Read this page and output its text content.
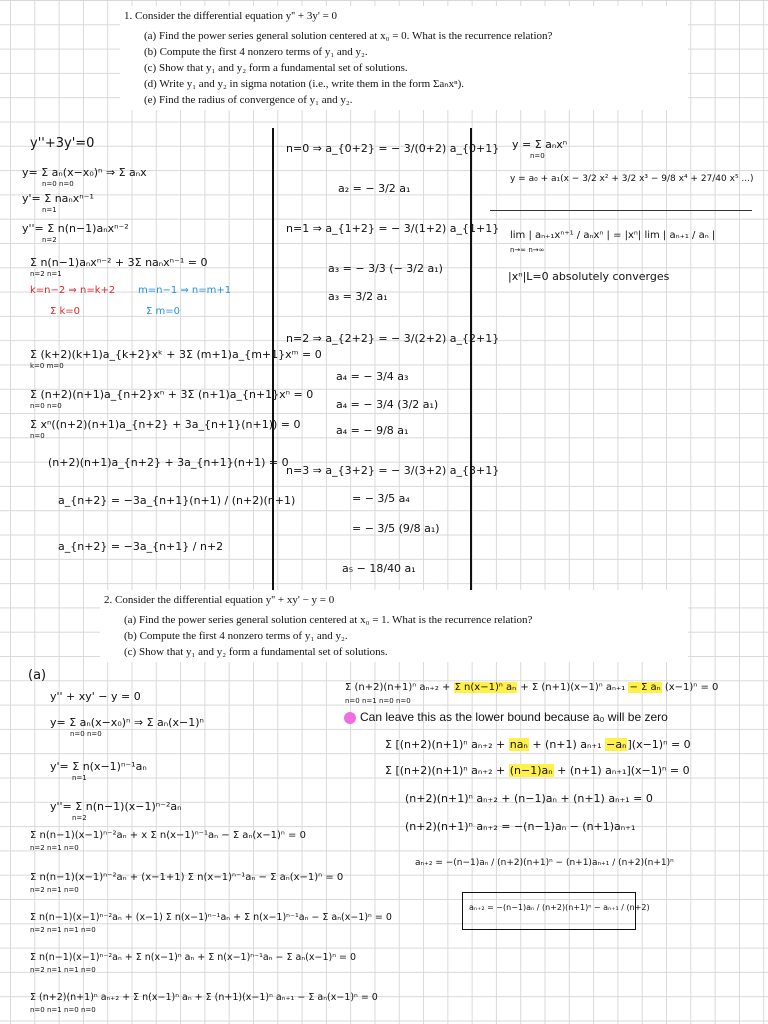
1. Consider the differential equation y'' + 3y' = 0
(a) Find the power series general solution centered at x₀ = 0. What is the recurrence relation?
(b) Compute the first 4 nonzero terms of y₁ and y₂.
(c) Show that y₁ and y₂ form a fundamental set of solutions.
(d) Write y₁ and y₂ in sigma notation (i.e., write them in the form Σaₙxⁿ).
(e) Find the radius of convergence of y₁ and y₂.
y''+3y'=0
y= Σ aₙ(x−x₀)ⁿ ⇒ Σ aₙx
n=0 n=0
y'= Σ naₙxⁿ⁻¹
n=1
y''= Σ n(n−1)aₙxⁿ⁻²
n=2
Σ n(n−1)aₙxⁿ⁻² + 3Σ naₙxⁿ⁻¹ = 0
n=2 n=1
k=n−2 ⇒ n=k+2 m=n−1 ⇒ n=m+1
Σ k=0	Σ m=0
Σ (k+2)(k+1)a_{k+2}xᵏ + 3Σ (m+1)a_{m+1}xᵐ = 0
k=0 m=0
Σ (n+2)(n+1)a_{n+2}xⁿ + 3Σ (n+1)a_{n+1}xⁿ = 0
n=0 n=0
Σ xⁿ((n+2)(n+1)a_{n+2} + 3a_{n+1}(n+1)) = 0
n=0
(n+2)(n+1)a_{n+2} + 3a_{n+1}(n+1) = 0
a_{n+2} = −3a_{n+1}(n+1) / (n+2)(n+1)
a_{n+2} = −3a_{n+1} / n+2
n=0 ⇒ a_{0+2} = − 3/(0+2) a_{0+1}
a₂ = − 3/2 a₁
n=1 ⇒ a_{1+2} = − 3/(1+2) a_{1+1}
a₃ = − 3/3 (− 3/2 a₁)
a₃ = 3/2 a₁
n=2 ⇒ a_{2+2} = − 3/(2+2) a_{2+1}
a₄ = − 3/4 a₃
a₄ = − 3/4 (3/2 a₁)
a₄ = − 9/8 a₁
n=3 ⇒ a_{3+2} = − 3/(3+2) a_{3+1}
= − 3/5 a₄
= − 3/5 (9/8 a₁)
a₅ − 18/40 a₁
y = Σ aₙxⁿ
n=0
y = a₀ + a₁(x − 3/2 x² + 3/2 x³ − 9/8 x⁴ + 27/40 x⁵ ...)
lim | aₙ₊₁xⁿ⁺¹ / aₙxⁿ | = |xⁿ| lim | aₙ₊₁ / aₙ |
n→∞ n→∞
|xⁿ|L=0 absolutely converges
2. Consider the differential equation y'' + xy' − y = 0
(a) Find the power series general solution centered at x₀ = 1. What is the recurrence relation?
(b) Compute the first 4 nonzero terms of y₁ and y₂.
(c) Show that y₁ and y₂ form a fundamental set of solutions.
(a)
y'' + xy' − y = 0
y= Σ aₙ(x−x₀)ⁿ ⇒ Σ aₙ(x−1)ⁿ
n=0 n=0
y'= Σ n(x−1)ⁿ⁻¹aₙ
n=1
y''= Σ n(n−1)(x−1)ⁿ⁻²aₙ
n=2
Σ n(n−1)(x−1)ⁿ⁻²aₙ + x Σ n(x−1)ⁿ⁻¹aₙ − Σ aₙ(x−1)ⁿ = 0
n=2 n=1 n=0
Σ n(n−1)(x−1)ⁿ⁻²aₙ + (x−1+1) Σ n(x−1)ⁿ⁻¹aₙ − Σ aₙ(x−1)ⁿ = 0
n=2 n=1 n=0
Σ n(n−1)(x−1)ⁿ⁻²aₙ + (x−1) Σ n(x−1)ⁿ⁻¹aₙ + Σ n(x−1)ⁿ⁻¹aₙ − Σ aₙ(x−1)ⁿ = 0
n=2 n=1 n=1 n=0
Σ n(n−1)(x−1)ⁿ⁻²aₙ + Σ n(x−1)ⁿ aₙ + Σ n(x−1)ⁿ⁻¹aₙ − Σ aₙ(x−1)ⁿ = 0
n=2 n=1 n=1 n=0
Σ (n+2)(n+1)ⁿ aₙ₊₂ + Σ n(x−1)ⁿ aₙ + Σ (n+1)(x−1)ⁿ aₙ₊₁ − Σ aₙ(x−1)ⁿ = 0
n=0 n=1 n=0 n=0
Σ (n+2)(n+1)ⁿ aₙ₊₂ + Σ n(x−1)ⁿ aₙ + Σ (n+1)(x−1)ⁿ aₙ₊₁ − Σ aₙ (x−1)ⁿ = 0
n=0 n=1 n=0 n=0
Can leave this as the lower bound because a₀ will be zero
Σ [(n+2)(n+1)ⁿ aₙ₊₂ + naₙ + (n+1) aₙ₊₁ −aₙ](x−1)ⁿ = 0
Σ [(n+2)(n+1)ⁿ aₙ₊₂ + (n−1)aₙ + (n+1) aₙ₊₁](x−1)ⁿ = 0
(n+2)(n+1)ⁿ aₙ₊₂ + (n−1)aₙ + (n+1) aₙ₊₁ = 0
(n+2)(n+1)ⁿ aₙ₊₂ = −(n−1)aₙ − (n+1)aₙ₊₁
aₙ₊₂ = −(n−1)aₙ / (n+2)(n+1)ⁿ − (n+1)aₙ₊₁ / (n+2)(n+1)ⁿ
aₙ₊₂ = −(n−1)aₙ / (n+2)(n+1)ⁿ − aₙ₊₁ / (n+2)
